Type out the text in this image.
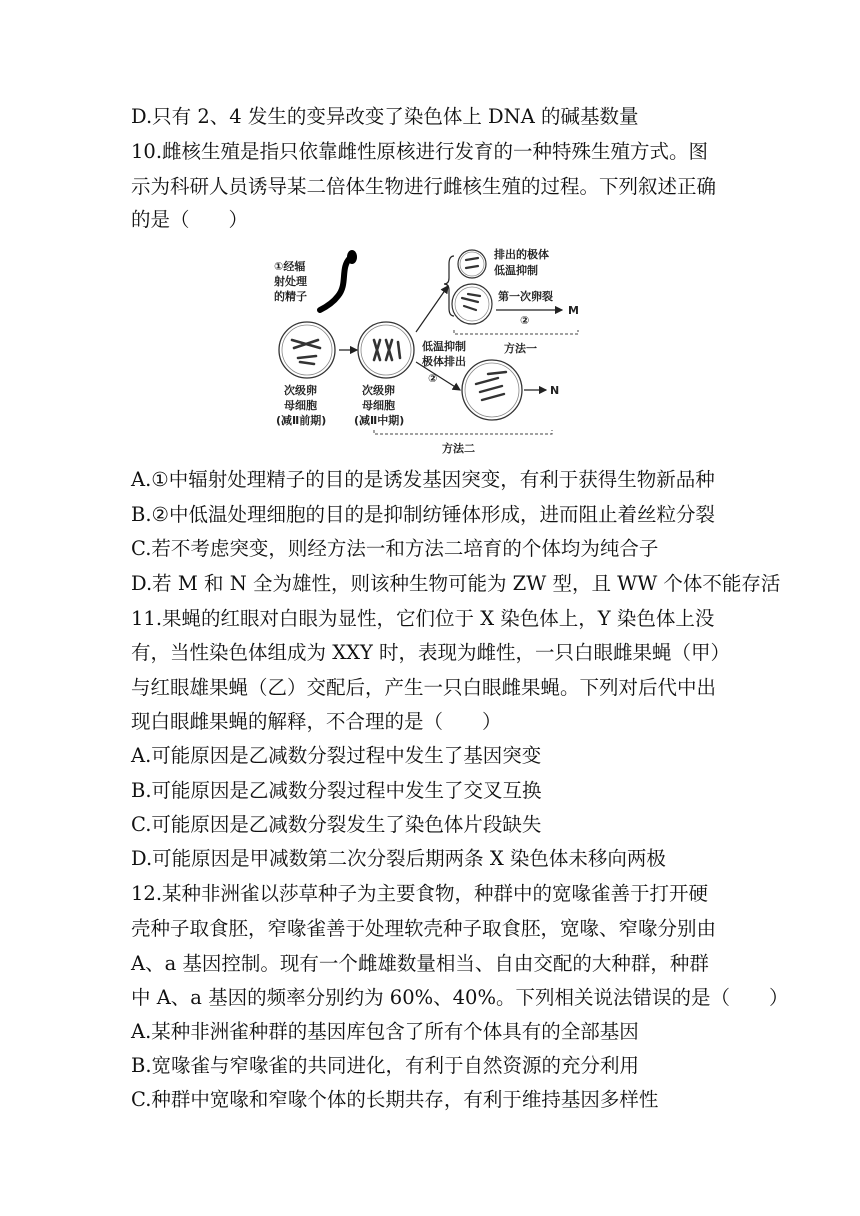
D.只有 2、4 发生的变异改变了染色体上 DNA 的碱基数量
10.雌核生殖是指只依靠雌性原核进行发育的一种特殊生殖方式。图
示为科研人员诱导某二倍体生物进行雌核生殖的过程。下列叙述正确
的是（　　）
A.①中辐射处理精子的目的是诱发基因突变，有利于获得生物新品种
B.②中低温处理细胞的目的是抑制纺锤体形成，进而阻止着丝粒分裂
C.若不考虑突变，则经方法一和方法二培育的个体均为纯合子
D.若 M 和 N 全为雄性，则该种生物可能为 ZW 型，且 WW 个体不能存活
11.果蝇的红眼对白眼为显性，它们位于 X 染色体上，Y 染色体上没
有，当性染色体组成为 XXY 时，表现为雌性，一只白眼雌果蝇（甲）
与红眼雄果蝇（乙）交配后，产生一只白眼雌果蝇。下列对后代中出
现白眼雌果蝇的解释，不合理的是（　　）
A.可能原因是乙减数分裂过程中发生了基因突变
B.可能原因是乙减数分裂过程中发生了交叉互换
C.可能原因是乙减数分裂发生了染色体片段缺失
D.可能原因是甲减数第二次分裂后期两条 X 染色体未移向两极
12.某种非洲雀以莎草种子为主要食物，种群中的宽喙雀善于打开硬
壳种子取食胚，窄喙雀善于处理软壳种子取食胚，宽喙、窄喙分别由
A、a 基因控制。现有一个雌雄数量相当、自由交配的大种群，种群
中 A、a 基因的频率分别约为 60%、40%。下列相关说法错误的是（　　）
A.某种非洲雀种群的基因库包含了所有个体具有的全部基因
B.宽喙雀与窄喙雀的共同进化，有利于自然资源的充分利用
C.种群中宽喙和窄喙个体的长期共存，有利于维持基因多样性
①经辐
射处理
的精子
次级卵
母细胞
(减Ⅱ前期)
次级卵
母细胞
(减Ⅱ中期)
排出的极体
低温抑制
第一次卵裂
②
M
方法一
低温抑制
极体排出
②
N
方法二
